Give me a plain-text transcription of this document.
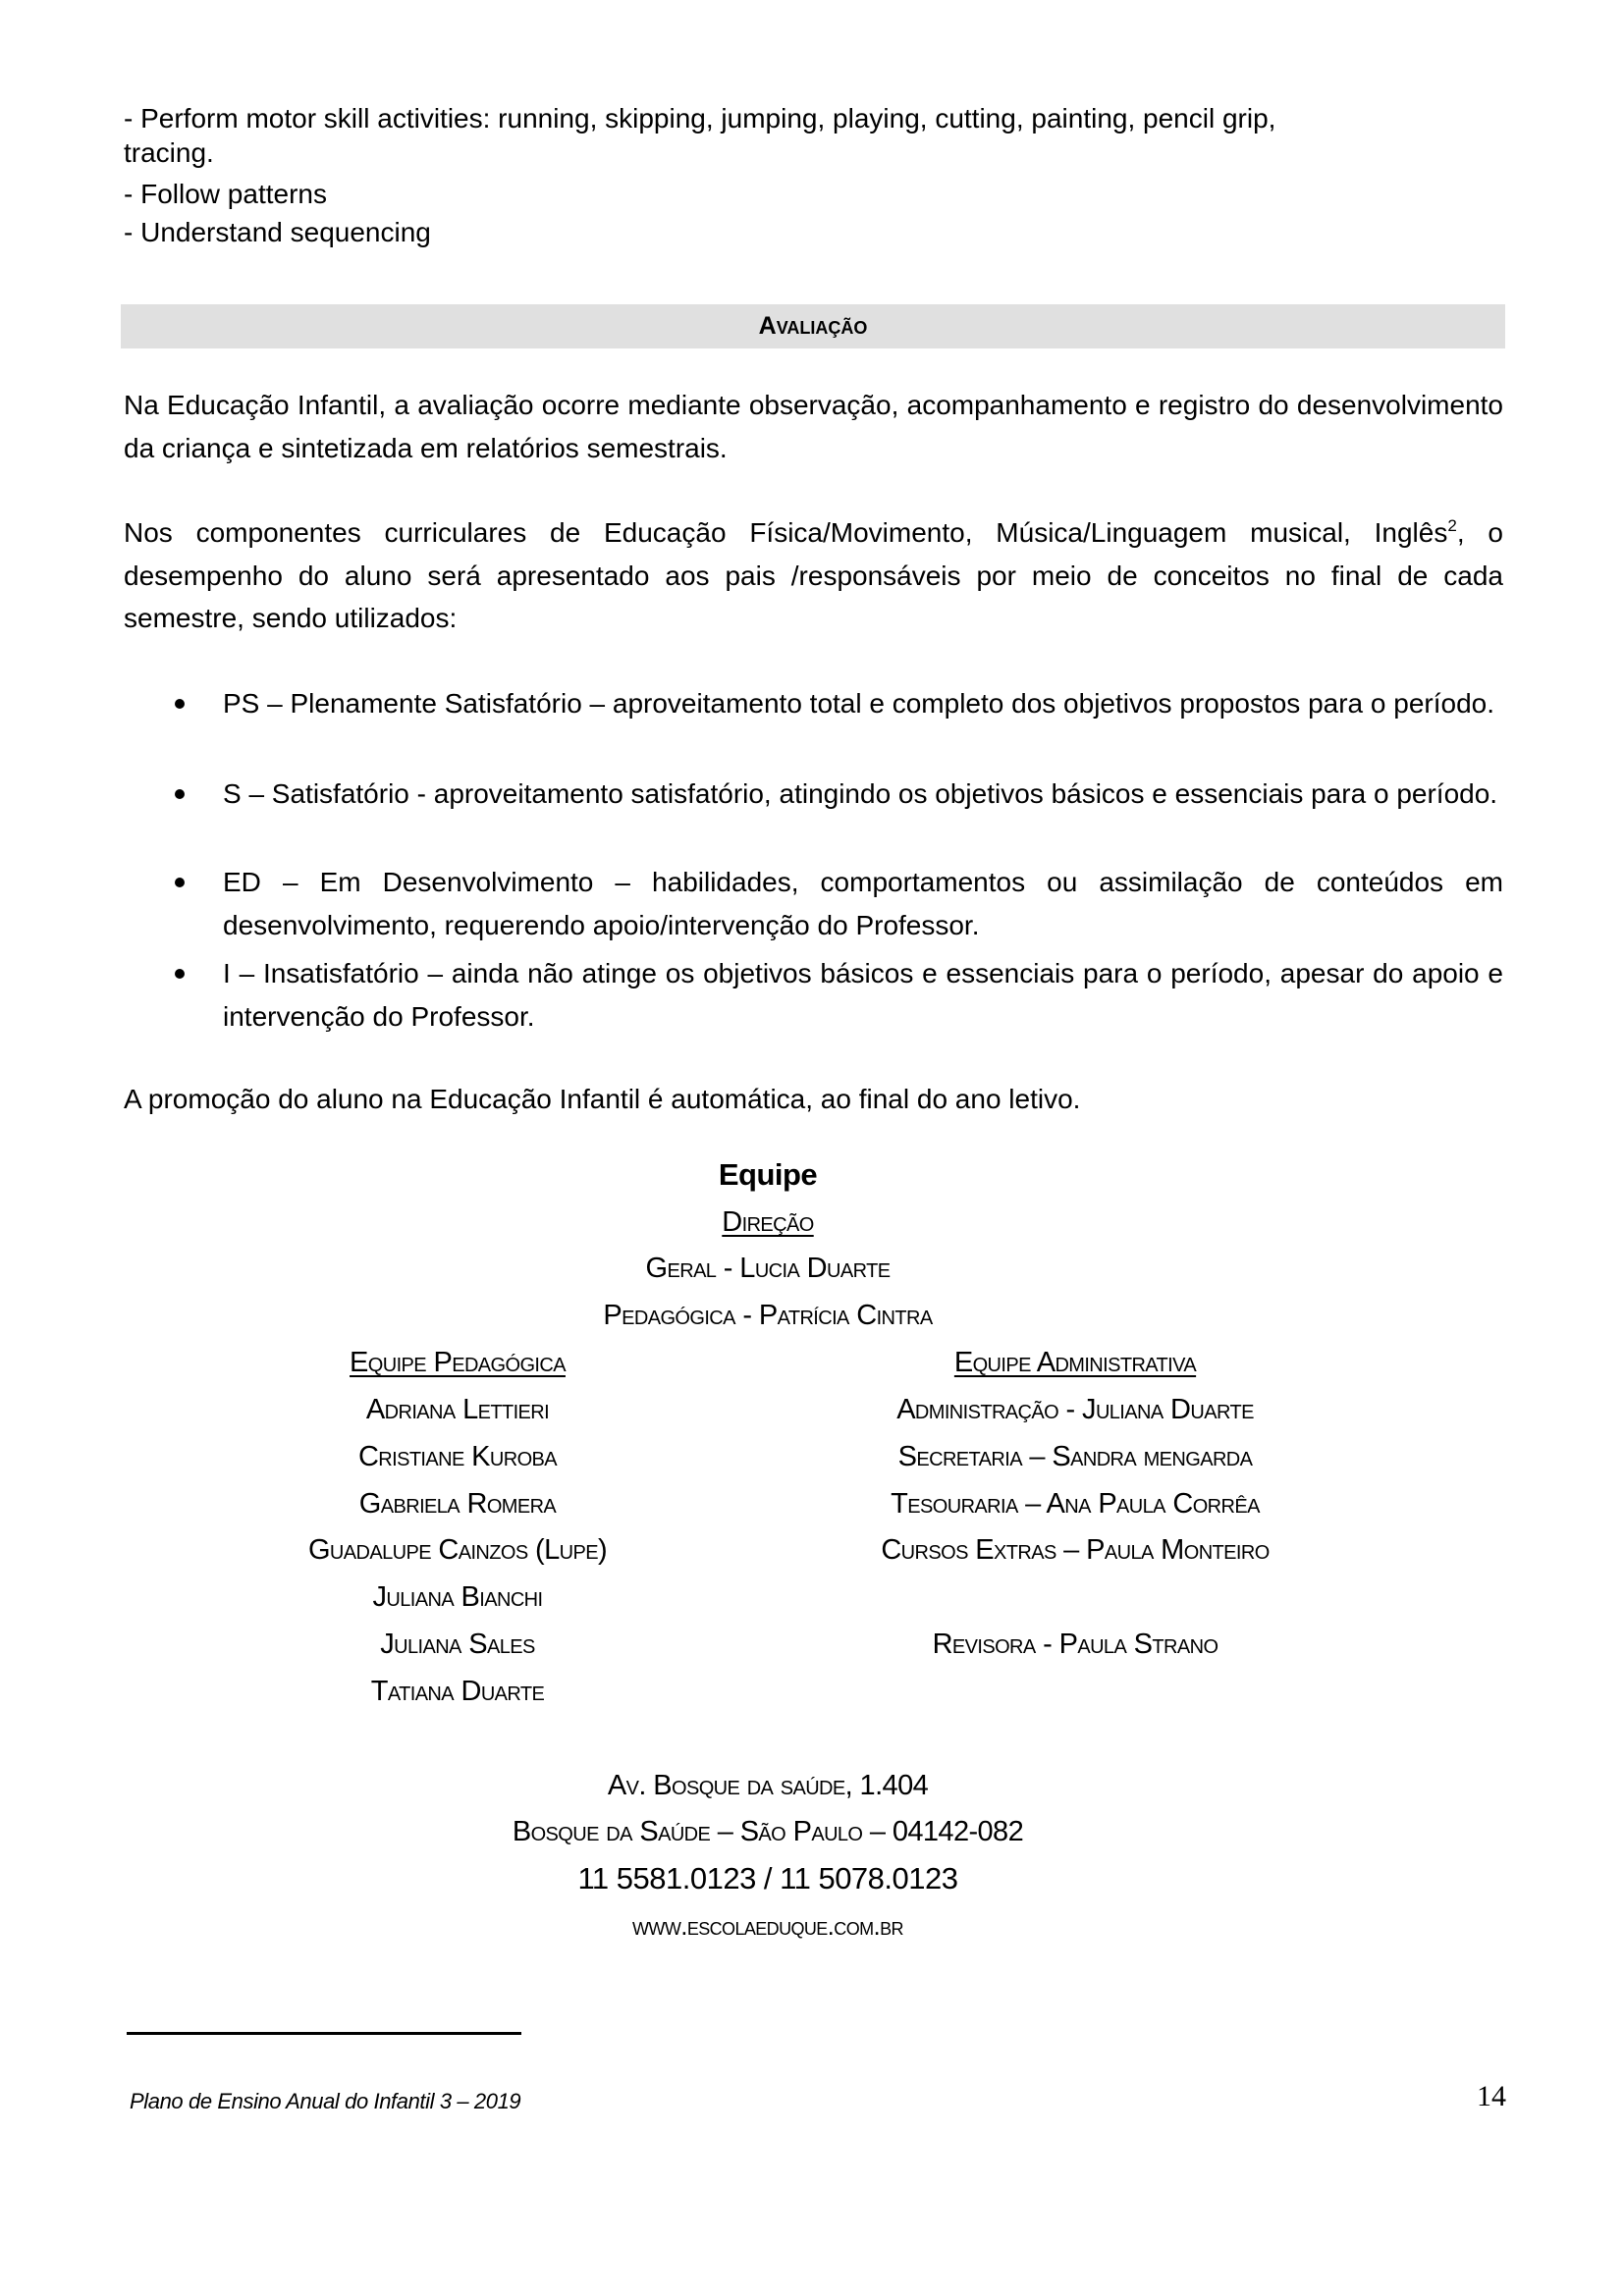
- Perform motor skill activities: running, skipping, jumping, playing, cutting, painting, pencil grip,
tracing.
- Follow patterns
- Understand sequencing
Avaliação
Na Educação Infantil, a avaliação ocorre mediante observação, acompanhamento e registro do desenvolvimento da criança e sintetizada em relatórios semestrais.
Nos componentes curriculares de Educação Física/Movimento, Música/Linguagem musical, Inglês$^2$, o desempenho do aluno será apresentado aos pais /responsáveis por meio de conceitos no final de cada semestre, sendo utilizados:
PS – Plenamente Satisfatório – aproveitamento total e completo dos objetivos propostos para o período.
S – Satisfatório - aproveitamento satisfatório, atingindo os objetivos básicos e essenciais para o período.
ED – Em Desenvolvimento – habilidades, comportamentos ou assimilação de conteúdos em desenvolvimento, requerendo apoio/intervenção do Professor.
I – Insatisfatório – ainda não atinge os objetivos básicos e essenciais para o período, apesar do apoio e intervenção do Professor.
A promoção do aluno na Educação Infantil é automática, ao final do ano letivo.
Equipe
Direção
Geral - Lucia Duarte
Pedagógica - Patrícia Cintra
Equipe Pedagógica
Adriana Lettieri
Cristiane Kuroba
Gabriela Romera
Guadalupe Cainzos (Lupe)
Juliana Bianchi
Juliana Sales
Tatiana Duarte
Equipe Administrativa
Administração - Juliana Duarte
Secretaria – Sandra mengarda
Tesouraria – Ana Paula Corrêa
Cursos Extras – Paula Monteiro
Revisora - Paula Strano
Av. Bosque da saúde, 1.404
Bosque da Saúde – São Paulo – 04142-082
11 5581.0123 / 11 5078.0123
www.escolaeduque.com.br
Plano de Ensino Anual do Infantil 3 – 2019	14
